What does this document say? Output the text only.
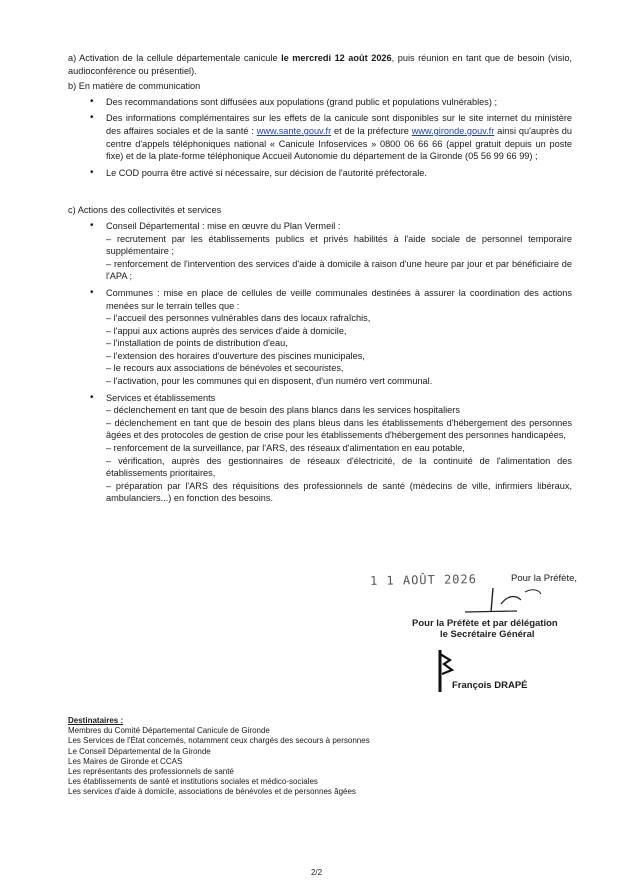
a) Activation de la cellule départementale canicule le mercredi 12 août 2026, puis réunion en tant que de besoin (visio, audioconférence ou présentiel).

b) En matière de communication

• Des recommandations sont diffusées aux populations (grand public et populations vulnérables) ;
• Des informations complémentaires sur les effets de la canicule sont disponibles sur le site internet du ministère des affaires sociales et de la santé : www.sante.gouv.fr et de la préfecture www.gironde.gouv.fr ainsi qu'auprès du centre d'appels téléphoniques national « Canicule Infoservices » 0800 06 66 66 (appel gratuit depuis un poste fixe) et de la plate-forme téléphonique Accueil Autonomie du département de la Gironde (05 56 99 66 99) ;
• Le COD pourra être activé si nécessaire, sur décision de l'autorité préfectorale.

c) Actions des collectivités et services

• Conseil Départemental : mise en œuvre du Plan Vermeil :
– recrutement par les établissements publics et privés habilités à l'aide sociale de personnel temporaire supplémentaire ;
– renforcement de l'intervention des services d'aide à domicile à raison d'une heure par jour et par bénéficiaire de l'APA ;
• Communes : mise en place de cellules de veille communales destinées à assurer la coordination des actions menées sur le terrain telles que :
– l'accueil des personnes vulnérables dans des locaux rafraîchis,
– l'appui aux actions auprès des services d'aide à domicile,
– l'installation de points de distribution d'eau,
– l'extension des horaires d'ouverture des piscines municipales,
– le recours aux associations de bénévoles et secouristes,
– l'activation, pour les communes qui en disposent, d'un numéro vert communal.
• Services et établissements
– déclenchement en tant que de besoin des plans blancs dans les services hospitaliers
– déclenchement en tant que de besoin des plans bleus dans les établissements d'hébergement des personnes âgées et des protocoles de gestion de crise pour les établissements d'hébergement des personnes handicapées,
– renforcement de la surveillance, par l'ARS, des réseaux d'alimentation en eau potable,
– vérification, auprès des gestionnaires de réseaux d'électricité, de la continuité de l'alimentation des établissements prioritaires,
– préparation par l'ARS des réquisitions des professionnels de santé (médecins de ville, infirmiers libéraux, ambulanciers...) en fonction des besoins.
1 1 AOÛT 2026	Pour la Préfète,
Pour la Préfète et par délégation
le Secrétaire Général
François DRAPÉ
Destinataires :
Membres du Comité Départemental Canicule de Gironde
Les Services de l'État concernés, notamment ceux chargés des secours à personnes
Le Conseil Départemental de la Gironde
Les Maires de Gironde et CCAS
Les représentants des professionnels de santé
Les établissements de santé et institutions sociales et médico-sociales
Les services d'aide à domicile, associations de bénévoles et de personnes âgées
2/2
